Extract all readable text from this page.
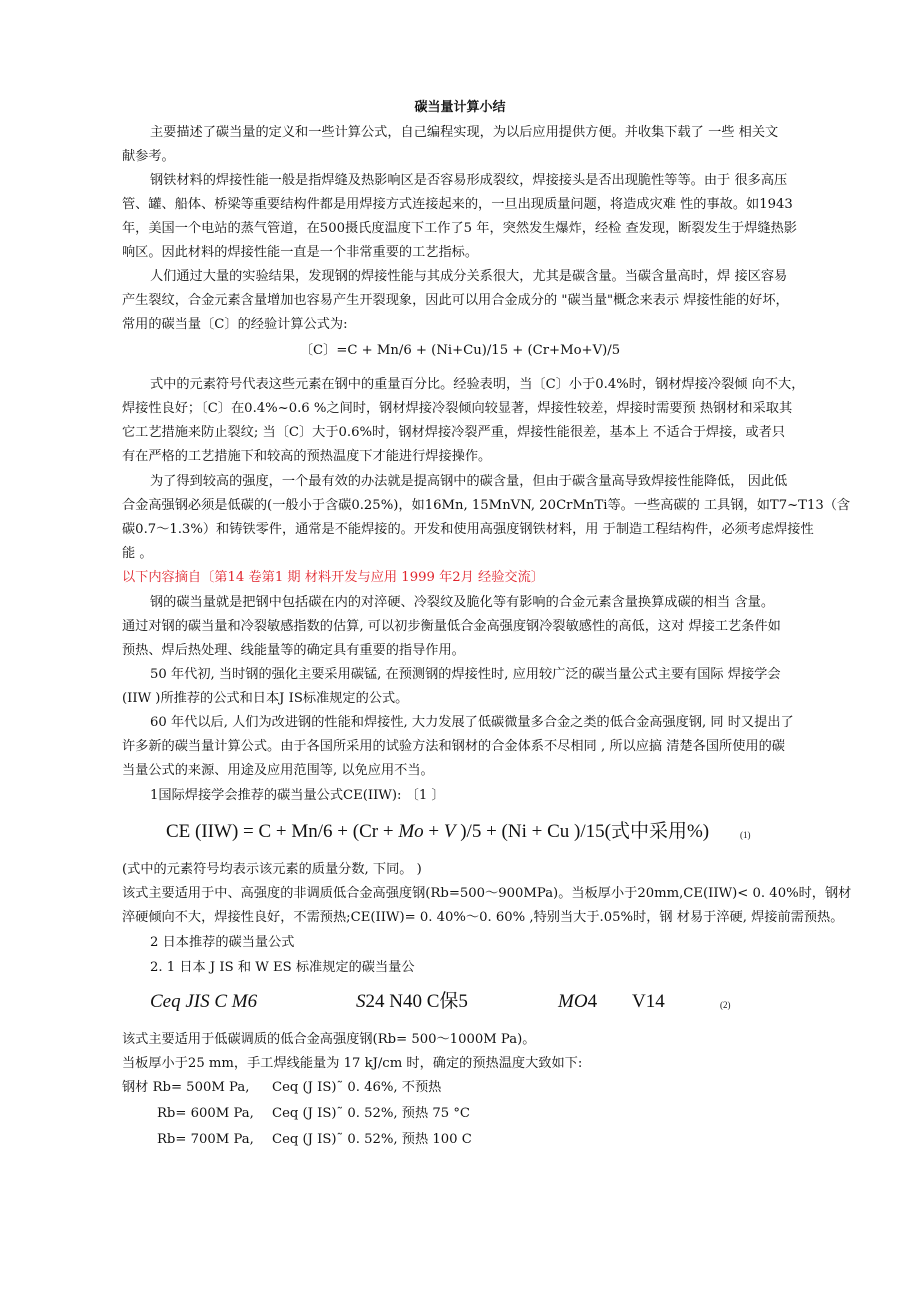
碳当量计算小结
主要描述了碳当量的定义和一些计算公式，自己编程实现，为以后应用提供方便。并收集下载了 一些 相关文
献参考。
钢铁材料的焊接性能一般是指焊缝及热影响区是否容易形成裂纹，焊接接头是否出现脆性等等。由于 很多高压
管、罐、船体、桥梁等重要结构件都是用焊接方式连接起来的，一旦出现质量问题，将造成灾难 性的事故。如1943
年，美国一个电站的蒸气管道，在500摄氏度温度下工作了5 年，突然发生爆炸，经检 查发现，断裂发生于焊缝热影
响区。因此材料的焊接性能一直是一个非常重要的工艺指标。
人们通过大量的实验结果，发现钢的焊接性能与其成分关系很大，尤其是碳含量。当碳含量高时，焊 接区容易
产生裂纹，合金元素含量增加也容易产生开裂现象，因此可以用合金成分的 "碳当量"概念来表示 焊接性能的好坏，
常用的碳当量〔C〕的经验计算公式为:
〔C〕=C + Mn/6 + (Ni+Cu)/15 + (Cr+Mo+V)/5
式中的元素符号代表这些元素在钢中的重量百分比。经验表明，当〔C〕小于0.4%时，钢材焊接冷裂倾 向不大，
焊接性良好；〔C〕在0.4%~0.6 %之间时，钢材焊接冷裂倾向较显著，焊接性较差，焊接时需要预 热钢材和采取其
它工艺措施来防止裂纹; 当〔C〕大于0.6%时，钢材焊接冷裂严重，焊接性能很差，基本上 不适合于焊接，或者只
有在严格的工艺措施下和较高的预热温度下才能进行焊接操作。
为了得到较高的强度，一个最有效的办法就是提高钢中的碳含量，但由于碳含量高导致焊接性能降低， 因此低
合金高强钢必须是低碳的(一般小于含碳0.25%)，如16Mn, 15MnVN, 20CrMnTi等。一些高碳的 工具钢，如T7~T13（含
碳0.7～1.3%）和铸铁零件，通常是不能焊接的。开发和使用高强度钢铁材料，用 于制造工程结构件，必须考虑焊接性
能 。
以下内容摘自〔第14 卷第1 期 材料开发与应用 1999 年2月 经验交流〕
钢的碳当量就是把钢中包括碳在内的对淬硬、冷裂纹及脆化等有影响的合金元素含量换算成碳的相当 含量。
通过对钢的碳当量和冷裂敏感指数的估算, 可以初步衡量低合金高强度钢冷裂敏感性的高低，这对 焊接工艺条件如
预热、焊后热处理、线能量等的确定具有重要的指导作用。
50 年代初, 当时钢的强化主要采用碳锰, 在预测钢的焊接性时, 应用较广泛的碳当量公式主要有国际 焊接学会
(IIW )所推荐的公式和日本J IS标准规定的公式。
60 年代以后, 人们为改进钢的性能和焊接性, 大力发展了低碳微量多合金之类的低合金高强度钢, 同 时又提出了
许多新的碳当量计算公式。由于各国所采用的试验方法和钢材的合金体系不尽相同 , 所以应搞 清楚各国所使用的碳
当量公式的来源、用途及应用范围等, 以免应用不当。
1国际焊接学会推荐的碳当量公式CE(IIW): 〔1 〕
CE (IIW) = C + Mn/6 + (Cr + Mo + V )/5 + (Ni + Cu )/15(式中采用%)	(1)
(式中的元素符号均表示该元素的质量分数, 下同。 )
该式主要适用于中、高强度的非调质低合金高强度钢(Rb=500～900MPa)。当板厚小于20mm,CE(IIW)< 0. 40%时，钢材
淬硬倾向不大，焊接性良好，不需预热;CE(IIW)= 0. 40%～0. 60% ,特别当大于.05%时，钢 材易于淬硬, 焊接前需预热。
2 日本推荐的碳当量公式
2. 1 日本 J IS 和 W ES 标准规定的碳当量公
Ceq JIS C M6	S24 N40 C保5	MO4 V14	(2)
该式主要适用于低碳调质的低合金高强度钢(Rb= 500～1000M Pa)。
当板厚小于25 mm，手工焊线能量为 17 kJ/cm 时，确定的预热温度大致如下:
钢材 Rb= 500M Pa, Ceq (J IS)˜ 0. 46%, 不预热
Rb= 600M Pa, Ceq (J IS)˜ 0. 52%, 预热 75 °C
Rb= 700M Pa, Ceq (J IS)˜ 0. 52%, 预热 100 C
